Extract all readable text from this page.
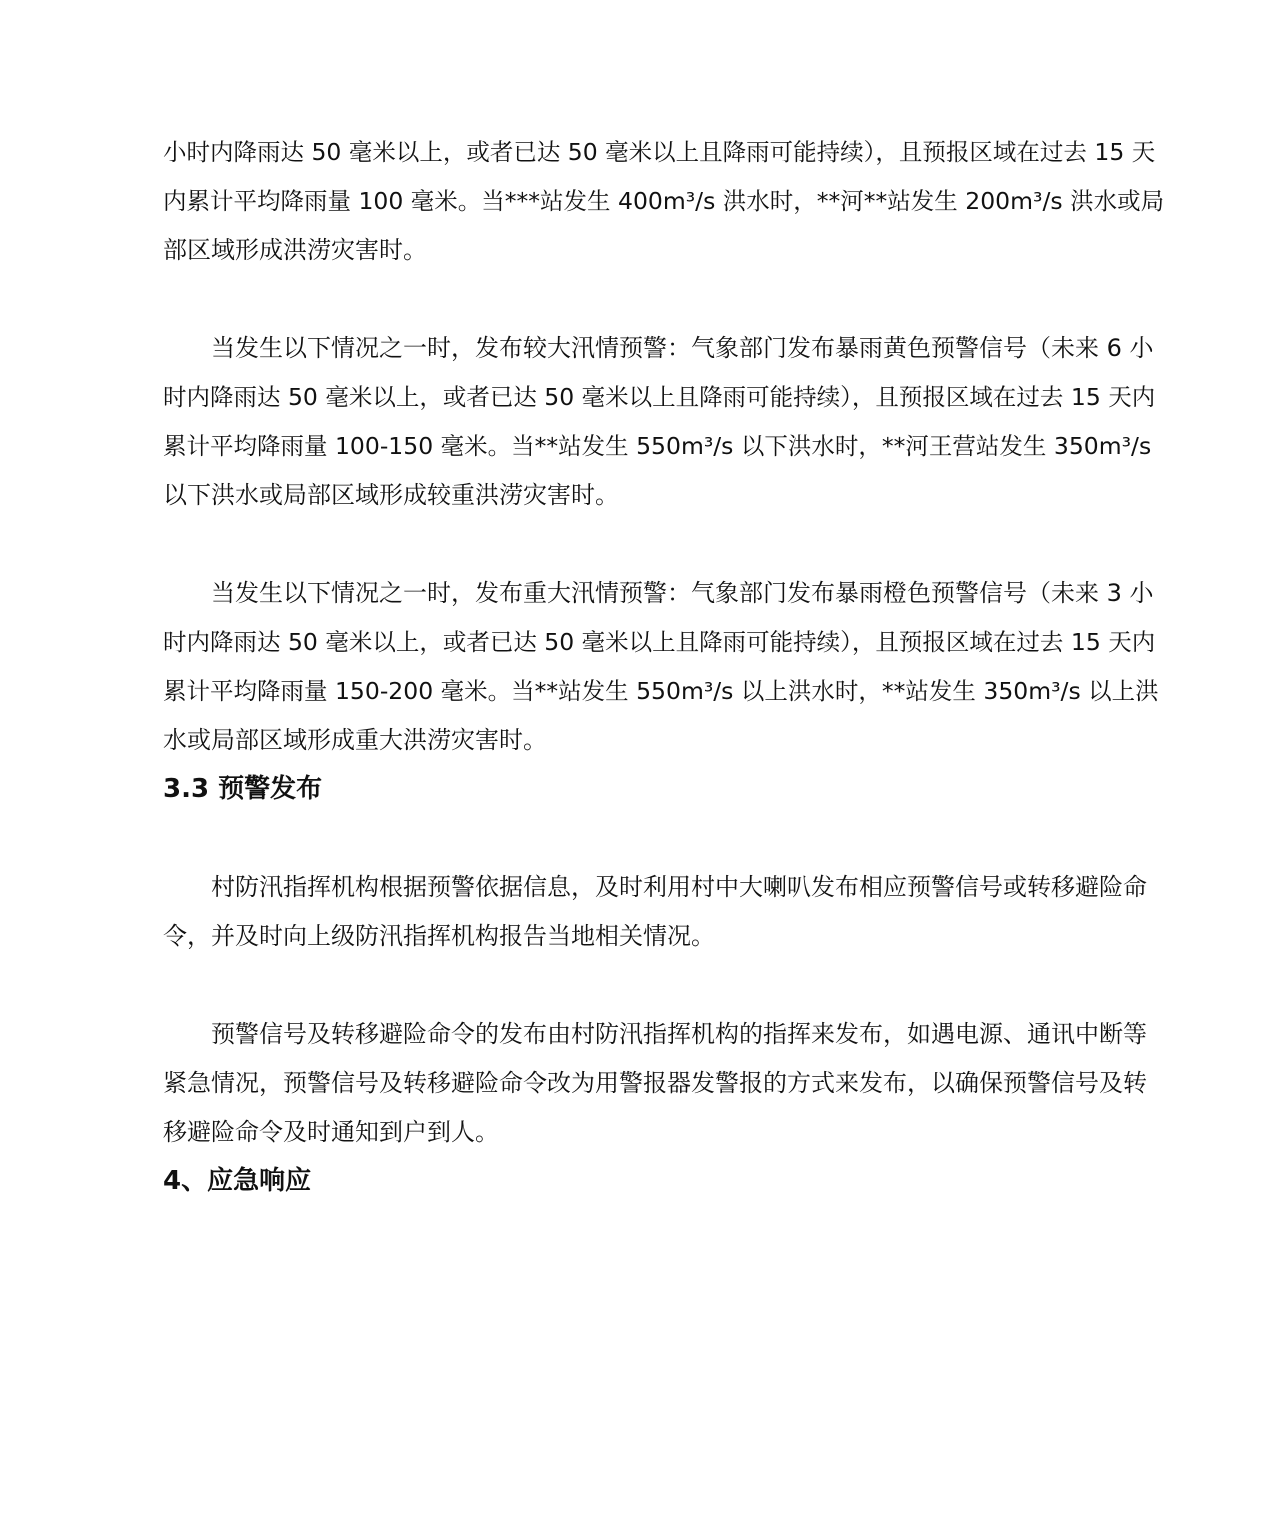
小时内降雨达 50 毫米以上，或者已达 50 毫米以上且降雨可能持续），且预报区域在过去 15 天
内累计平均降雨量 100 毫米。当***站发生 400m³/s 洪水时，**河**站发生 200m³/s 洪水或局
部区域形成洪涝灾害时。

当发生以下情况之一时，发布较大汛情预警：气象部门发布暴雨黄色预警信号（未来 6 小
时内降雨达 50 毫米以上，或者已达 50 毫米以上且降雨可能持续），且预报区域在过去 15 天内
累计平均降雨量 100-150 毫米。当**站发生 550m³/s 以下洪水时，**河王营站发生 350m³/s
以下洪水或局部区域形成较重洪涝灾害时。

当发生以下情况之一时，发布重大汛情预警：气象部门发布暴雨橙色预警信号（未来 3 小
时内降雨达 50 毫米以上，或者已达 50 毫米以上且降雨可能持续），且预报区域在过去 15 天内
累计平均降雨量 150-200 毫米。当**站发生 550m³/s 以上洪水时，**站发生 350m³/s 以上洪
水或局部区域形成重大洪涝灾害时。

3.3 预警发布

村防汛指挥机构根据预警依据信息，及时利用村中大喇叭发布相应预警信号或转移避险命
令，并及时向上级防汛指挥机构报告当地相关情况。

预警信号及转移避险命令的发布由村防汛指挥机构的指挥来发布，如遇电源、通讯中断等
紧急情况，预警信号及转移避险命令改为用警报器发警报的方式来发布，以确保预警信号及转
移避险命令及时通知到户到人。

4、应急响应
